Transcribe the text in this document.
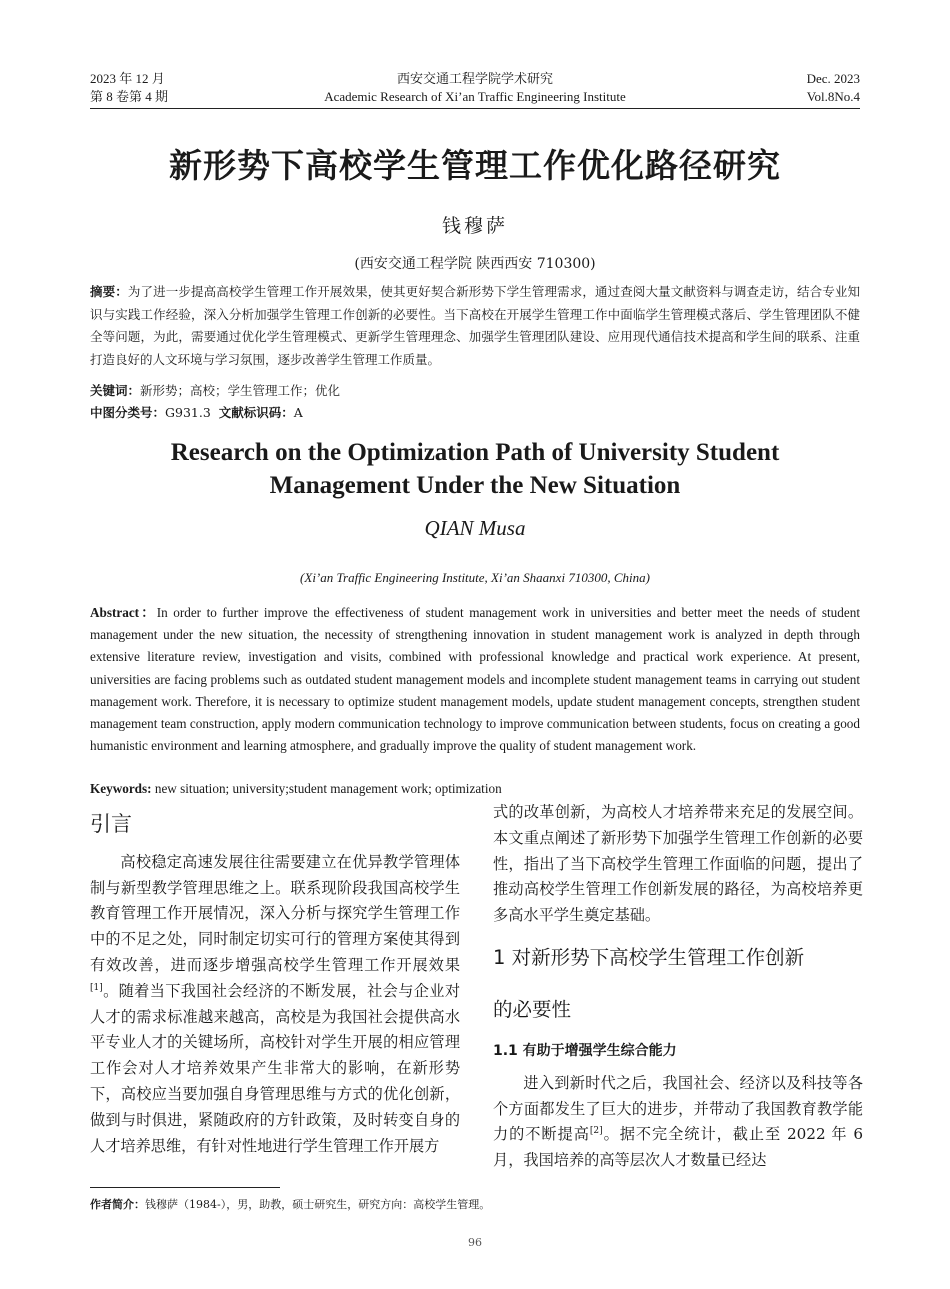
2023 年 12 月
第 8 卷第 4 期
西安交通工程学院学术研究
Academic Research of Xi’an Traffic Engineering Institute
Dec. 2023
Vol.8No.4
新形势下高校学生管理工作优化路径研究
钱穆萨
(西安交通工程学院 陕西西安 710300)
摘要：为了进一步提高高校学生管理工作开展效果，使其更好契合新形势下学生管理需求，通过查阅大量文献资料与调查走访，结合专业知识与实践工作经验，深入分析加强学生管理工作创新的必要性。当下高校在开展学生管理工作中面临学生管理模式落后、学生管理团队不健全等问题，为此，需要通过优化学生管理模式、更新学生管理理念、加强学生管理团队建设、应用现代通信技术提高和学生间的联系、注重打造良好的人文环境与学习氛围，逐步改善学生管理工作质量。
关键词：新形势；高校；学生管理工作；优化
中图分类号：G931.3 文献标识码：A
Research on the Optimization Path of University Student
Management Under the New Situation
QIAN Musa
(Xi’an Traffic Engineering Institute, Xi’an Shaanxi 710300, China)
Abstract：In order to further improve the effectiveness of student management work in universities and better meet the needs of student management under the new situation, the necessity of strengthening innovation in student management work is analyzed in depth through extensive literature review, investigation and visits, combined with professional knowledge and practical work experience. At present, universities are facing problems such as outdated student management models and incomplete student management teams in carrying out student management work. Therefore, it is necessary to optimize student management models, update student management concepts, strengthen student management team construction, apply modern communication technology to improve communication between students, focus on creating a good humanistic environment and learning atmosphere, and gradually improve the quality of student management work.
Keywords: new situation; university;student management work; optimization
引言

高校稳定高速发展往往需要建立在优异教学管理体制与新型教学管理思维之上。联系现阶段我国高校学生教育管理工作开展情况，深入分析与探究学生管理工作中的不足之处，同时制定切实可行的管理方案使其得到有效改善，进而逐步增强高校学生管理工作开展效果[1]。随着当下我国社会经济的不断发展，社会与企业对人才的需求标准越来越高，高校是为我国社会提供高水平专业人才的关键场所，高校针对学生开展的相应管理工作会对人才培养效果产生非常大的影响，在新形势下，高校应当要加强自身管理思维与方式的优化创新，做到与时俱进，紧随政府的方针政策，及时转变自身的人才培养思维，有针对性地进行学生管理工作开展方

式的改革创新，为高校人才培养带来充足的发展空间。本文重点阐述了新形势下加强学生管理工作创新的必要性，指出了当下高校学生管理工作面临的问题，提出了推动高校学生管理工作创新发展的路径，为高校培养更多高水平学生奠定基础。

1 对新形势下高校学生管理工作创新
的必要性
1.1 有助于增强学生综合能力

进入到新时代之后，我国社会、经济以及科技等各个方面都发生了巨大的进步，并带动了我国教育教学能力的不断提高[2]。据不完全统计，截止至 2022 年 6 月，我国培养的高等层次人才数量已经达

作者简介：钱穆萨（1984-），男，助教，硕士研究生，研究方向：高校学生管理。
96
